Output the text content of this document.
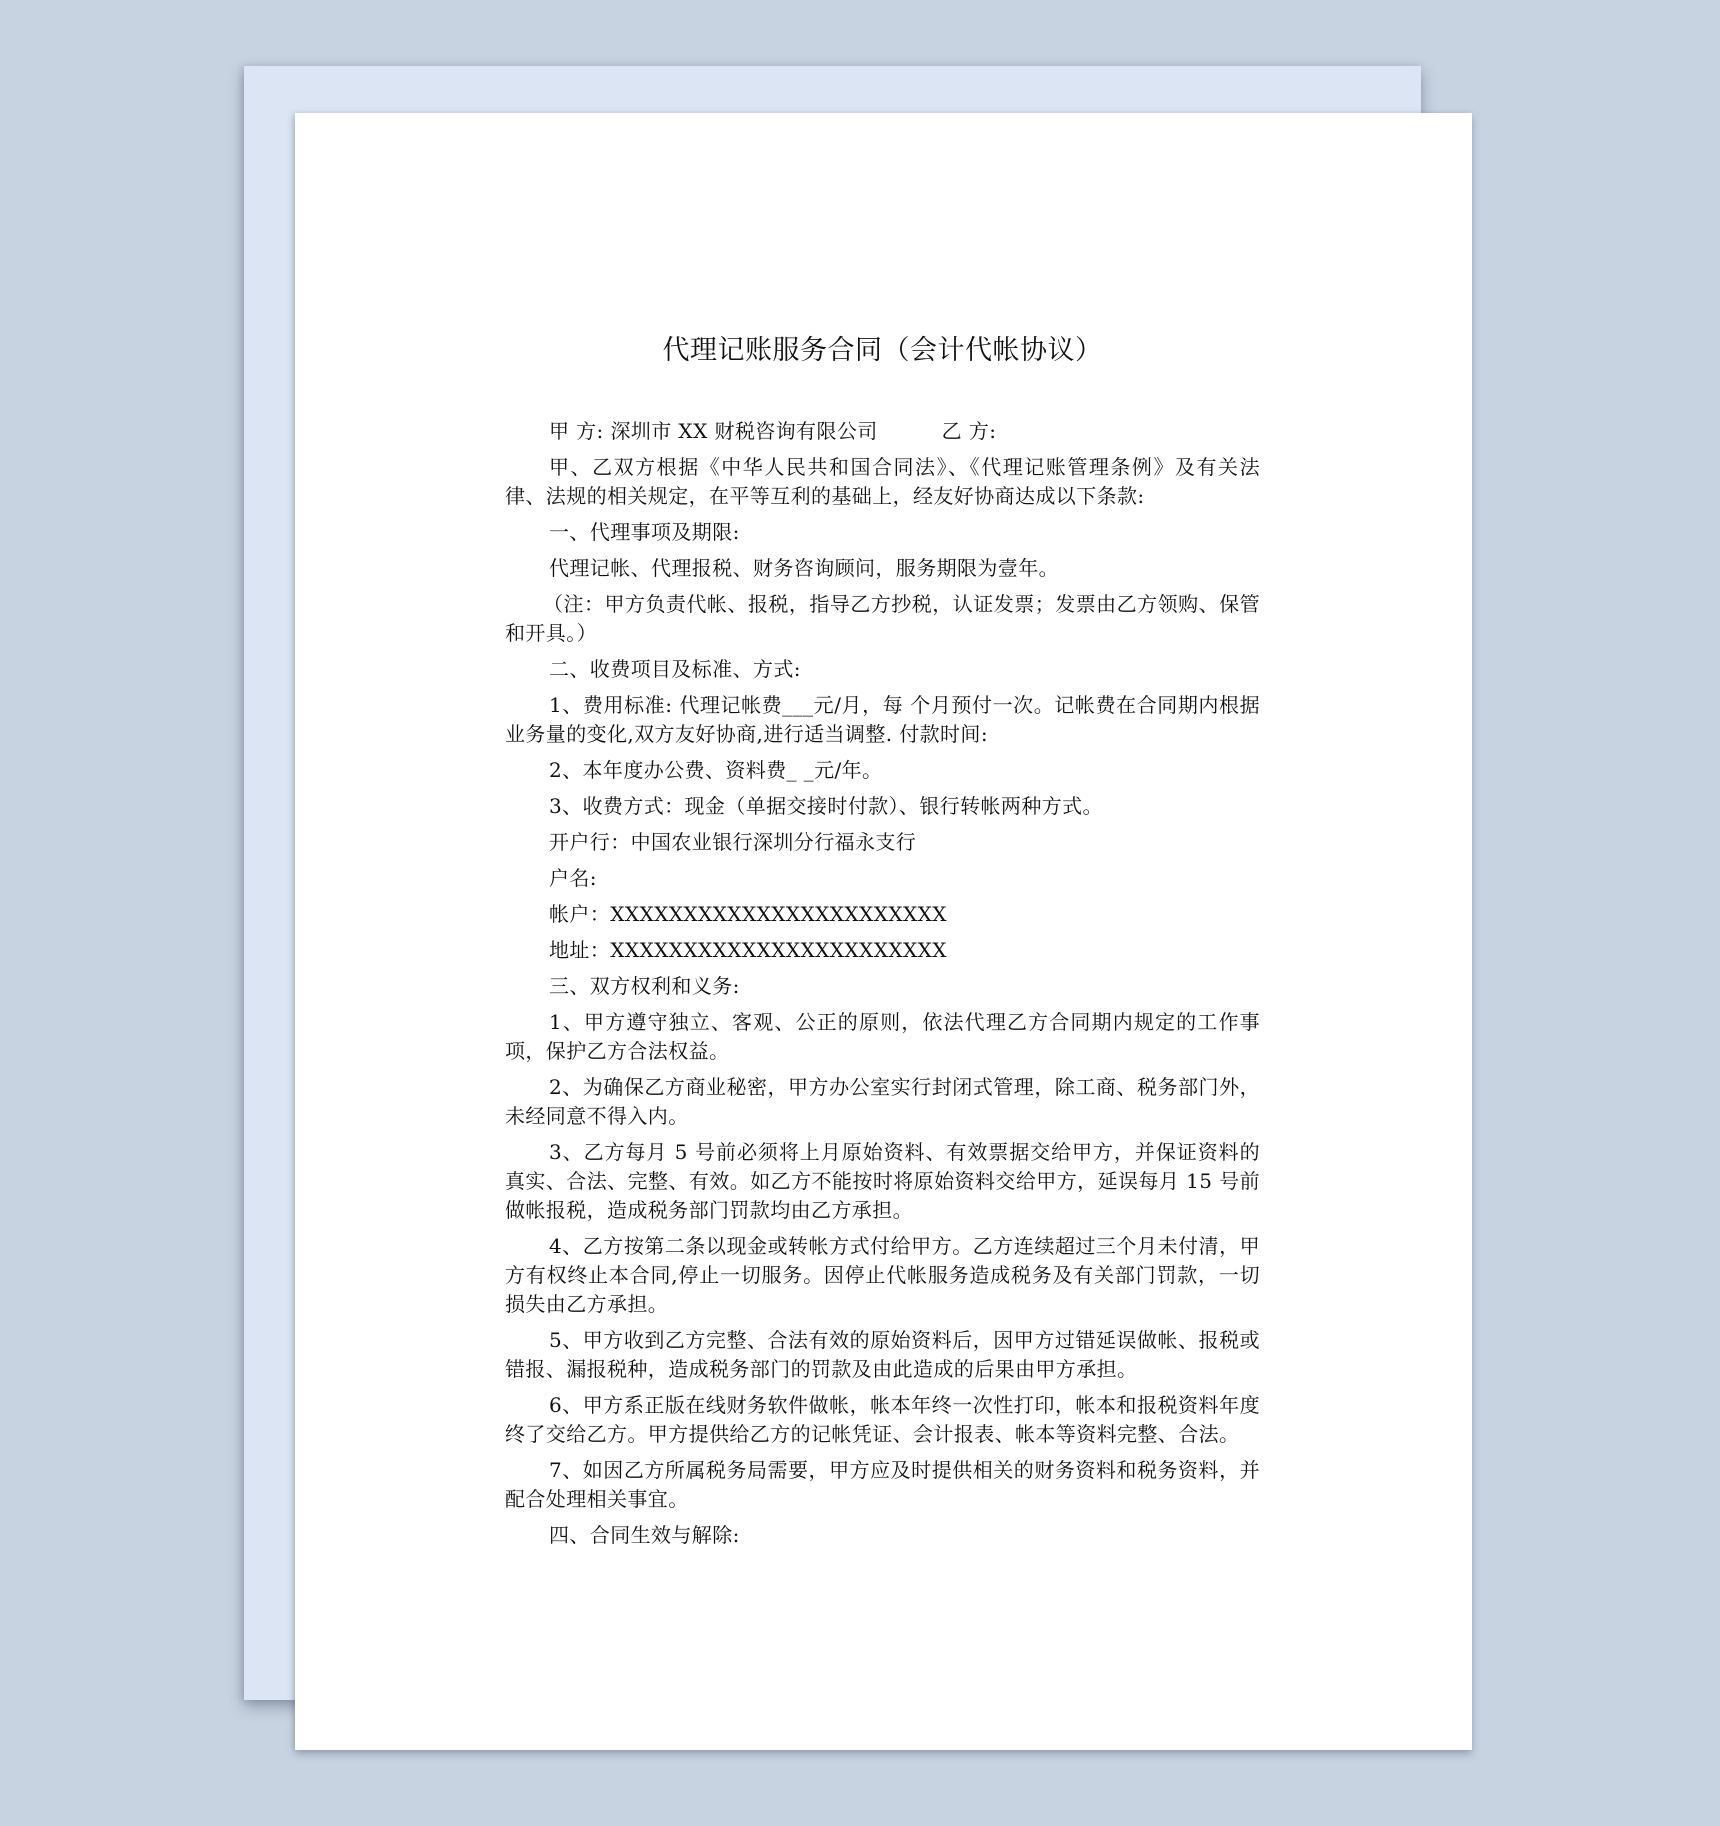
代理记账服务合同（会计代帐协议）

甲 方: 深圳市 XX 财税咨询有限公司	乙 方:

甲、乙双方根据《中华人民共和国合同法》、《代理记账管理条例》及有关法律、法规的相关规定，在平等互利的基础上，经友好协商达成以下条款:

一、代理事项及期限:

代理记帐、代理报税、财务咨询顾问，服务期限为壹年。

（注：甲方负责代帐、报税，指导乙方抄税，认证发票；发票由乙方领购、保管和开具。）

二、收费项目及标准、方式:

1、费用标准: 代理记帐费___元/月，每 个月预付一次。记帐费在合同期内根据业务量的变化,双方友好协商,进行适当调整. 付款时间:

2、本年度办公费、资料费_ _元/年。

3、收费方式：现金（单据交接时付款）、银行转帐两种方式。

开户行：中国农业银行深圳分行福永支行

户名:

帐户：XXXXXXXXXXXXXXXXXXXXXXX

地址：XXXXXXXXXXXXXXXXXXXXXXX

三、双方权利和义务:

1、甲方遵守独立、客观、公正的原则，依法代理乙方合同期内规定的工作事项，保护乙方合法权益。

2、为确保乙方商业秘密，甲方办公室实行封闭式管理，除工商、税务部门外，未经同意不得入内。

3、乙方每月 5 号前必须将上月原始资料、有效票据交给甲方，并保证资料的真实、合法、完整、有效。如乙方不能按时将原始资料交给甲方，延误每月 15 号前做帐报税，造成税务部门罚款均由乙方承担。

4、乙方按第二条以现金或转帐方式付给甲方。乙方连续超过三个月未付清，甲方有权终止本合同,停止一切服务。因停止代帐服务造成税务及有关部门罚款，一切损失由乙方承担。

5、甲方收到乙方完整、合法有效的原始资料后，因甲方过错延误做帐、报税或错报、漏报税种，造成税务部门的罚款及由此造成的后果由甲方承担。

6、甲方系正版在线财务软件做帐，帐本年终一次性打印，帐本和报税资料年度终了交给乙方。甲方提供给乙方的记帐凭证、会计报表、帐本等资料完整、合法。

7、如因乙方所属税务局需要，甲方应及时提供相关的财务资料和税务资料，并配合处理相关事宜。

四、合同生效与解除:
